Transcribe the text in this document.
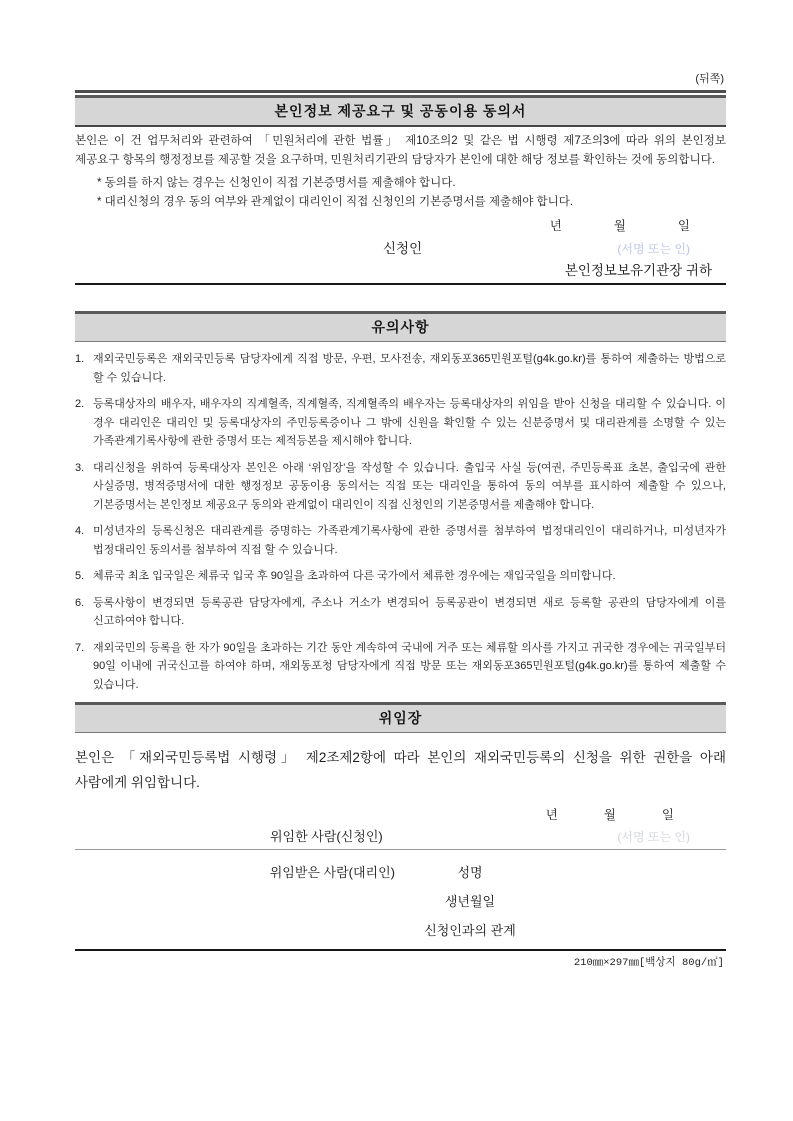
(뒤쪽)
본인정보 제공요구 및 공동이용 동의서
본인은 이 건 업무처리와 관련하여 「민원처리에 관한 법률」 제10조의2 및 같은 법 시행령 제7조의3에 따라 위의 본인정보 제공요구 항목의 행정정보를 제공할 것을 요구하며, 민원처리기관의 담당자가 본인에 대한 해당 정보를 확인하는 것에 동의합니다.
* 동의를 하지 않는 경우는 신청인이 직접 기본증명서를 제출해야 합니다.
* 대리신청의 경우 동의 여부와 관계없이 대리인이 직접 신청인의 기본증명서를 제출해야 합니다.
년	월	일
신청인	(서명 또는 인)
본인정보보유기관장 귀하
유의사항
1. 재외국민등록은 재외국민등록 담당자에게 직접 방문, 우편, 모사전송, 재외동포365민원포털(g4k.go.kr)를 통하여 제출하는 방법으로 할 수 있습니다.
2. 등록대상자의 배우자, 배우자의 직계혈족, 직계혈족, 직계혈족의 배우자는 등록대상자의 위임을 받아 신청을 대리할 수 있습니다. 이 경우 대리인은 대리인 및 등록대상자의 주민등록증이나 그 밖에 신원을 확인할 수 있는 신분증명서 및 대리관계를 소명할 수 있는 가족관계기록사항에 관한 증명서 또는 제적등본을 제시해야 합니다.
3. 대리신청을 위하여 등록대상자 본인은 아래 ‘위임장’을 작성할 수 있습니다. 출입국 사실 등(여권, 주민등록표 초본, 출입국에 관한 사실증명, 병적증명서에 대한 행정정보 공동이용 동의서는 직접 또는 대리인을 통하여 동의 여부를 표시하여 제출할 수 있으나, 기본증명서는 본인정보 제공요구 동의와 관계없이 대리인이 직접 신청인의 기본증명서를 제출해야 합니다.
4. 미성년자의 등록신청은 대리관계를 증명하는 가족관계기록사항에 관한 증명서를 첨부하여 법정대리인이 대리하거나, 미성년자가 법정대리인 동의서를 첨부하여 직접 할 수 있습니다.
5. 체류국 최초 입국일은 체류국 입국 후 90일을 초과하여 다른 국가에서 체류한 경우에는 재입국일을 의미합니다.
6. 등록사항이 변경되면 등록공관 담당자에게, 주소나 거소가 변경되어 등록공관이 변경되면 새로 등록할 공관의 담당자에게 이를 신고하여야 합니다.
7. 재외국민의 등록을 한 자가 90일을 초과하는 기간 동안 계속하여 국내에 거주 또는 체류할 의사를 가지고 귀국한 경우에는 귀국일부터 90일 이내에 귀국신고를 하여야 하며, 재외동포청 담당자에게 직접 방문 또는 재외동포365민원포털(g4k.go.kr)를 통하여 제출할 수 있습니다.
위임장
본인은 「재외국민등록법 시행령」 제2조제2항에 따라 본인의 재외국민등록의 신청을 위한 권한을 아래 사람에게 위임합니다.
년	월	일
위임한 사람(신청인)	(서명 또는 인)
위임받은 사람(대리인)	성명
생년월일
신청인과의 관계
210㎜×297㎜[백상지 80g/㎡]
